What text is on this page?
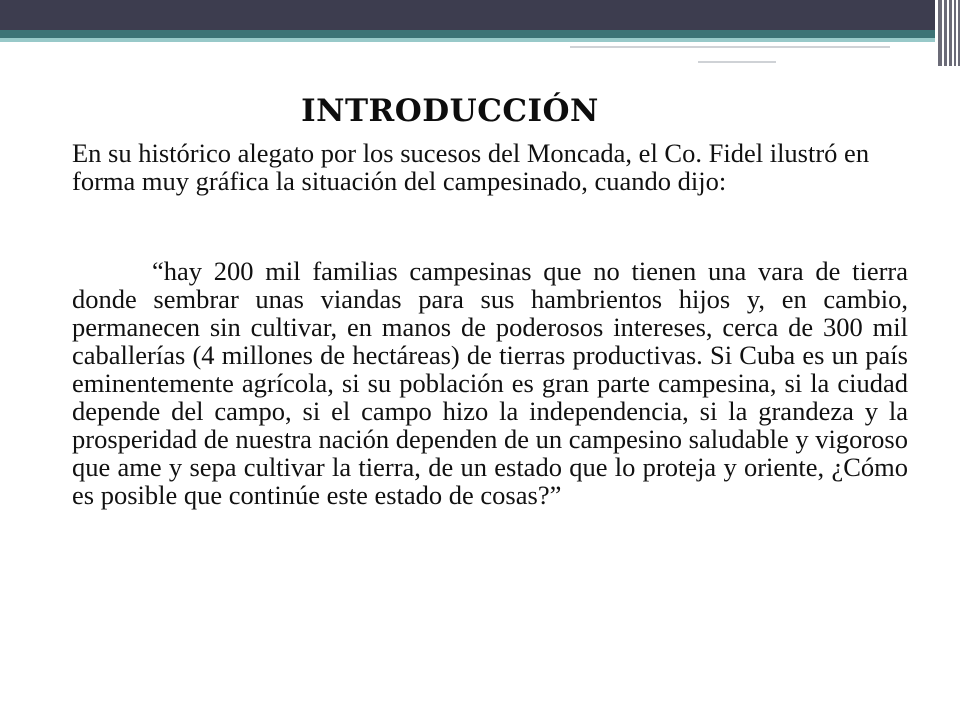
INTRODUCCIÓN

En su histórico alegato por los sucesos del Moncada, el Co. Fidel ilustró en forma muy gráfica la situación del campesinado, cuando dijo:

“hay 200 mil familias campesinas que no tienen una vara de tierra donde sembrar unas viandas para sus hambrientos hijos y, en cambio, permanecen sin cultivar, en manos de poderosos intereses, cerca de 300 mil caballerías (4 millones de hectáreas) de tierras productivas. Si Cuba es un país eminentemente agrícola, si su población es gran parte campesina, si la ciudad depende del campo, si el campo hizo la independencia, si la grandeza y la prosperidad de nuestra nación dependen de un campesino saludable y vigoroso que ame y sepa cultivar la tierra, de un estado que lo proteja y oriente, ¿Cómo es posible que continúe este estado de cosas?”
